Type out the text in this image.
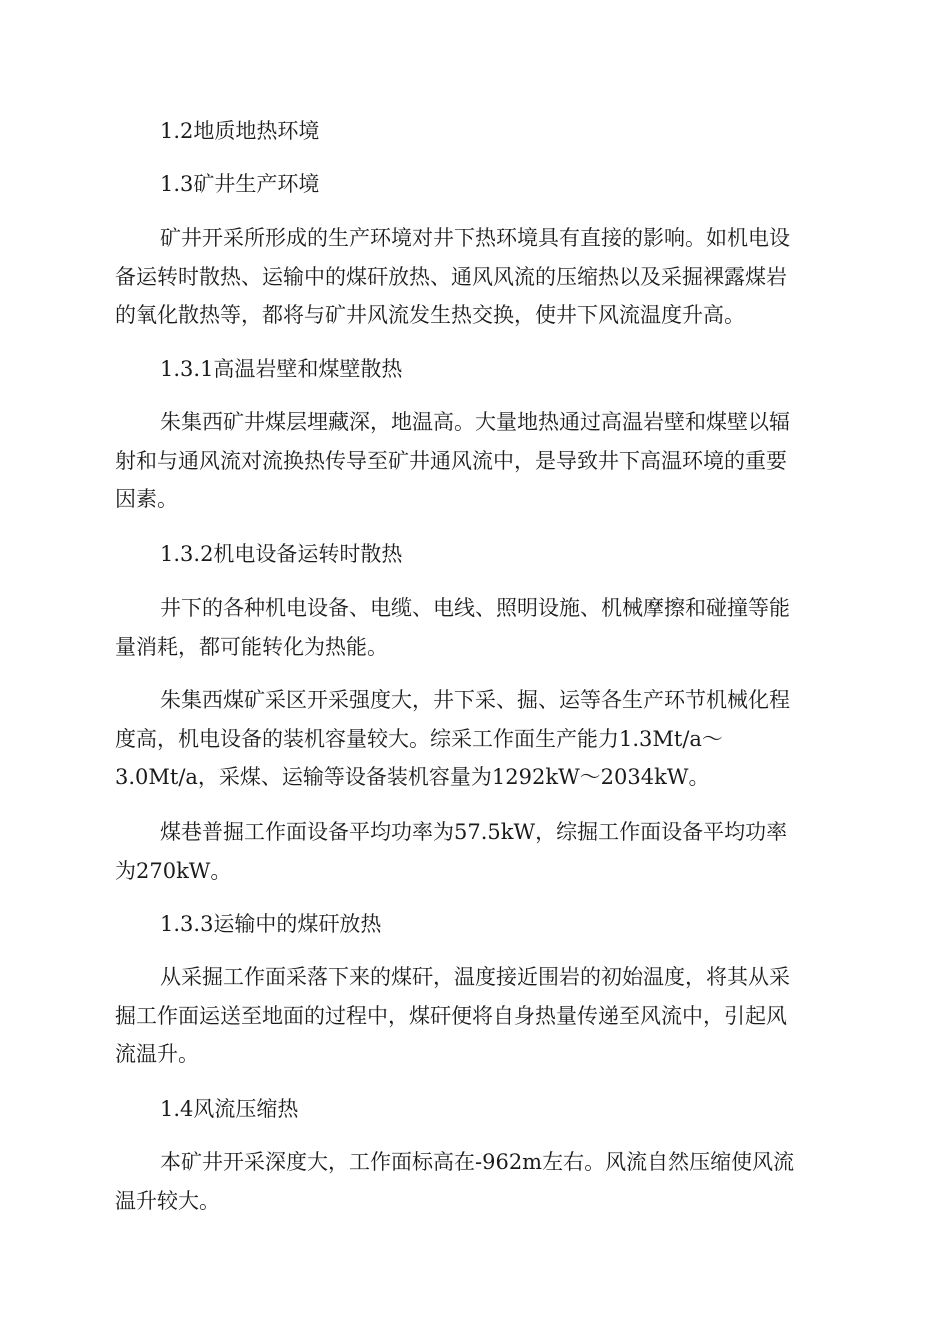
1.2地质地热环境

1.3矿井生产环境

矿井开采所形成的生产环境对井下热环境具有直接的影响。如机电设
备运转时散热、运输中的煤矸放热、通风风流的压缩热以及采掘裸露煤岩
的氧化散热等，都将与矿井风流发生热交换，使井下风流温度升高。

1.3.1高温岩壁和煤壁散热

朱集西矿井煤层埋藏深，地温高。大量地热通过高温岩壁和煤壁以辐
射和与通风流对流换热传导至矿井通风流中，是导致井下高温环境的重要
因素。

1.3.2机电设备运转时散热

井下的各种机电设备、电缆、电线、照明设施、机械摩擦和碰撞等能
量消耗，都可能转化为热能。
朱集西煤矿采区开采强度大，井下采、掘、运等各生产环节机械化程
度高，机电设备的装机容量较大。综采工作面生产能力1.3Mt/a～
3.0Mt/a，采煤、运输等设备装机容量为1292kW～2034kW。
煤巷普掘工作面设备平均功率为57.5kW，综掘工作面设备平均功率
为270kW。

1.3.3运输中的煤矸放热

从采掘工作面采落下来的煤矸，温度接近围岩的初始温度，将其从采
掘工作面运送至地面的过程中，煤矸便将自身热量传递至风流中，引起风
流温升。

1.4风流压缩热

本矿井开采深度大，工作面标高在-962m左右。风流自然压缩使风流
温升较大。
